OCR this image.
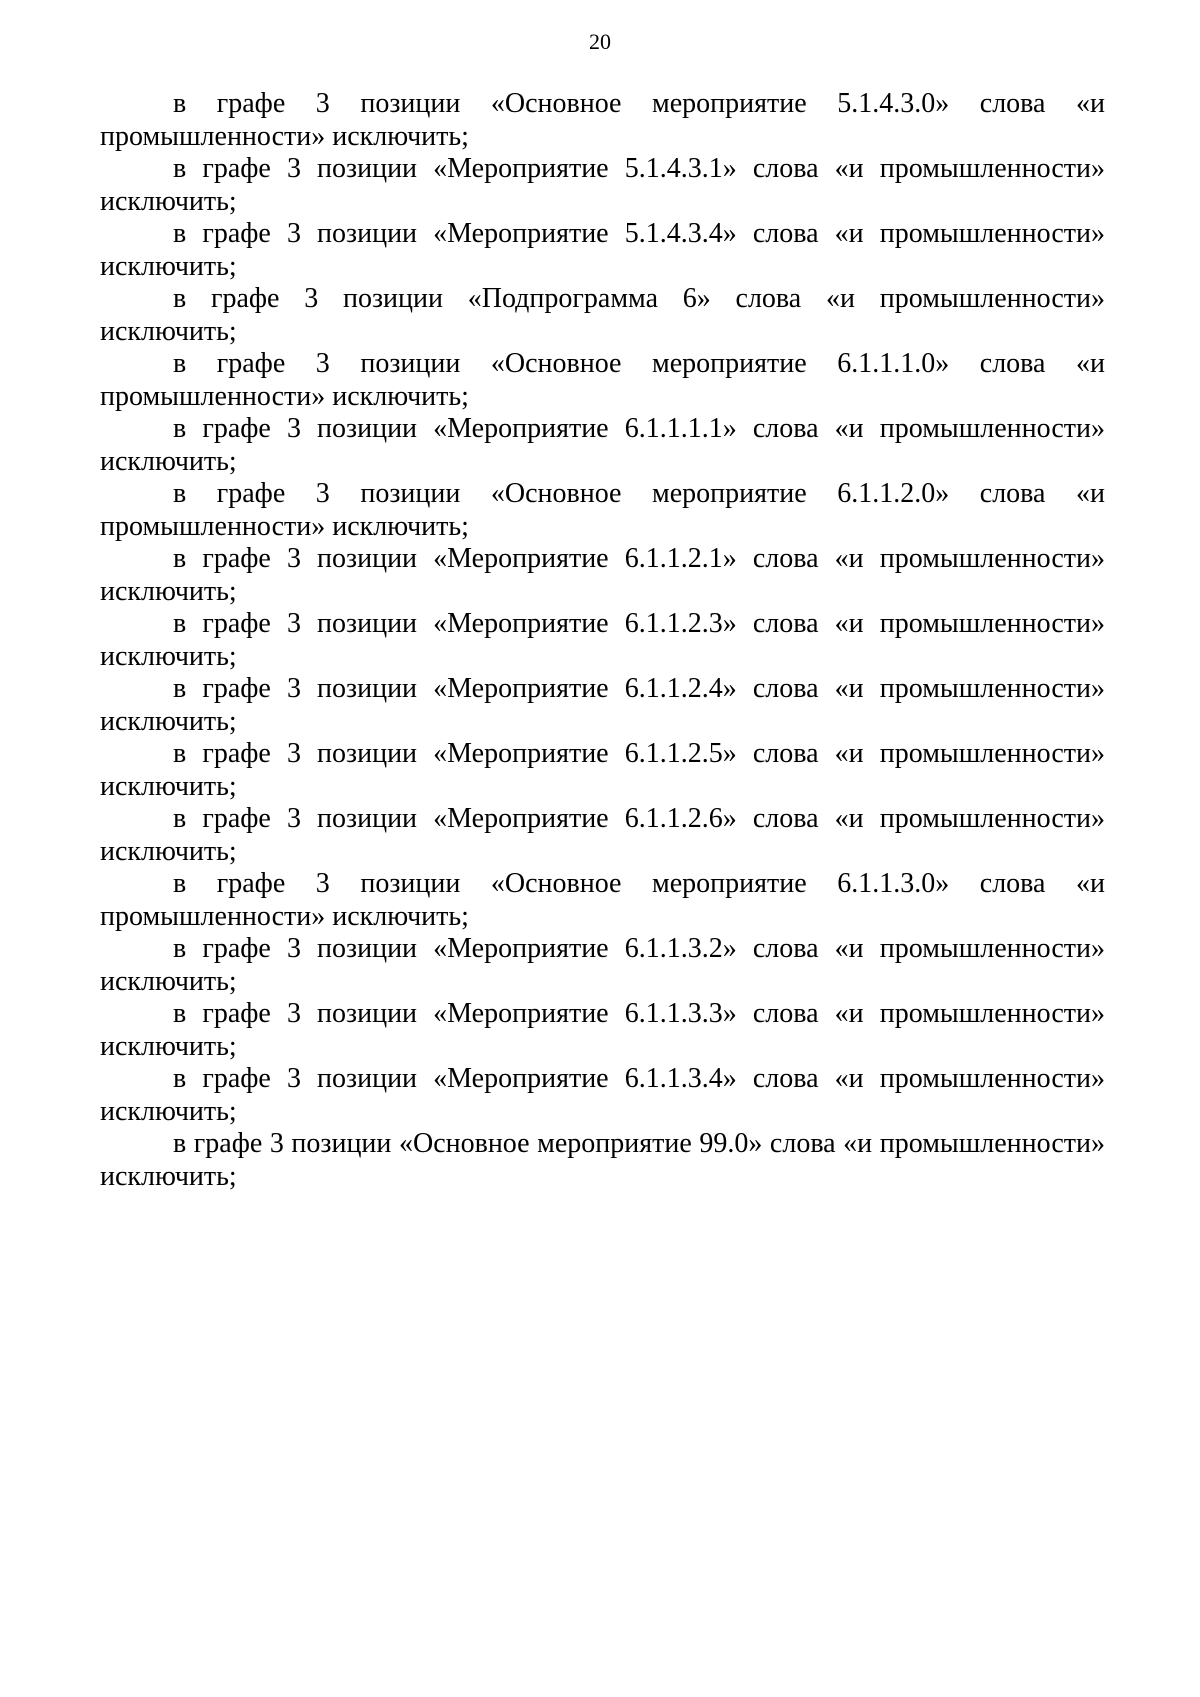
20

в графе 3 позиции «Основное мероприятие 5.1.4.3.0» слова «и промышленности» исключить;

в графе 3 позиции «Мероприятие 5.1.4.3.1» слова «и промышленности» исключить;

в графе 3 позиции «Мероприятие 5.1.4.3.4» слова «и промышленности» исключить;

в графе 3 позиции «Подпрограмма 6» слова «и промышленности» исключить;

в графе 3 позиции «Основное мероприятие 6.1.1.1.0» слова «и промышленности» исключить;

в графе 3 позиции «Мероприятие 6.1.1.1.1» слова «и промышленности» исключить;

в графе 3 позиции «Основное мероприятие 6.1.1.2.0» слова «и промышленности» исключить;

в графе 3 позиции «Мероприятие 6.1.1.2.1» слова «и промышленности» исключить;

в графе 3 позиции «Мероприятие 6.1.1.2.3» слова «и промышленности» исключить;

в графе 3 позиции «Мероприятие 6.1.1.2.4» слова «и промышленности» исключить;

в графе 3 позиции «Мероприятие 6.1.1.2.5» слова «и промышленности» исключить;

в графе 3 позиции «Мероприятие 6.1.1.2.6» слова «и промышленности» исключить;

в графе 3 позиции «Основное мероприятие 6.1.1.3.0» слова «и промышленности» исключить;

в графе 3 позиции «Мероприятие 6.1.1.3.2» слова «и промышленности» исключить;

в графе 3 позиции «Мероприятие 6.1.1.3.3» слова «и промышленности» исключить;

в графе 3 позиции «Мероприятие 6.1.1.3.4» слова «и промышленности» исключить;

в графе 3 позиции «Основное мероприятие 99.0» слова «и промышленности» исключить;
